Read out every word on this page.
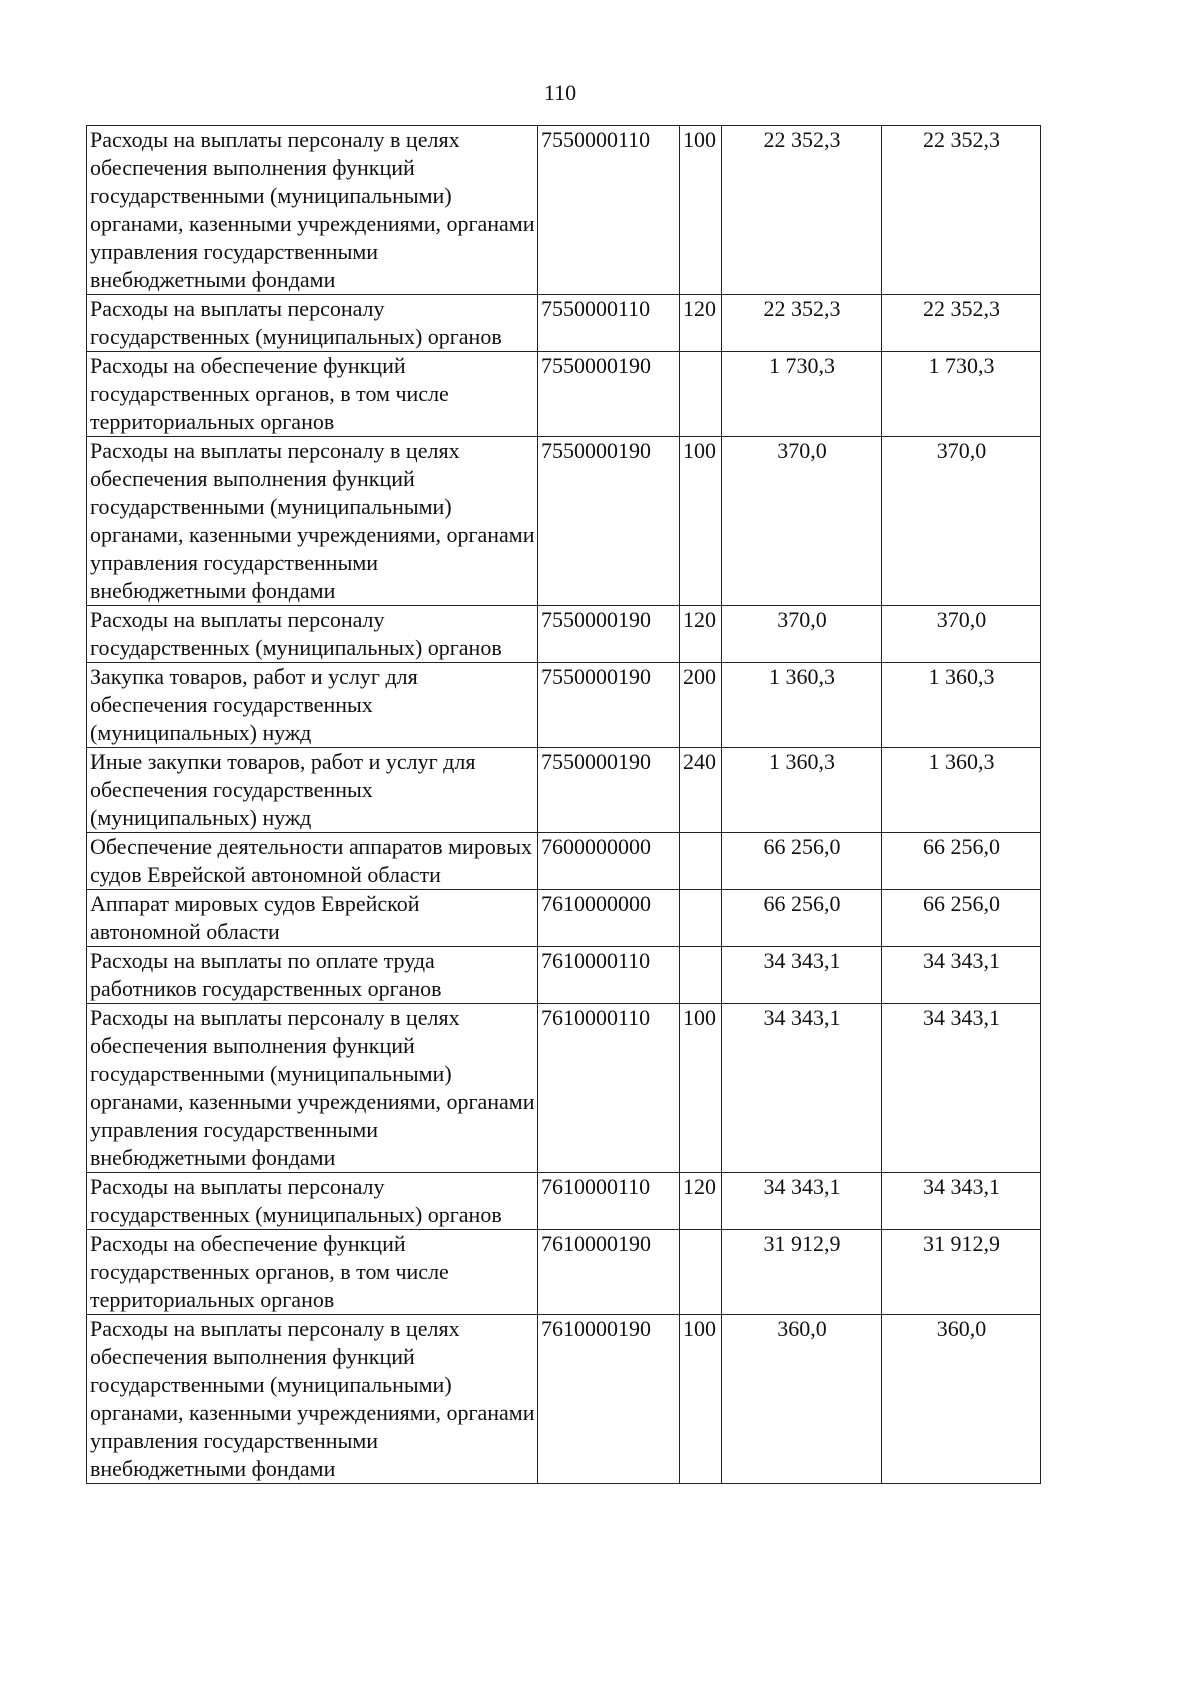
110
Расходы на выплаты персоналу в целях обеспечения выполнения функций государственными (муниципальными) органами, казенными учреждениями, органами управления государственными внебюджетными фондами	7550000110	100	22 352,3	22 352,3
Расходы на выплаты персоналу государственных (муниципальных) органов	7550000110	120	22 352,3	22 352,3
Расходы на обеспечение функций государственных органов, в том числе территориальных органов	7550000190		1 730,3	1 730,3
Расходы на выплаты персоналу в целях обеспечения выполнения функций государственными (муниципальными) органами, казенными учреждениями, органами управления государственными внебюджетными фондами	7550000190	100	370,0	370,0
Расходы на выплаты персоналу государственных (муниципальных) органов	7550000190	120	370,0	370,0
Закупка товаров, работ и услуг для обеспечения государственных (муниципальных) нужд	7550000190	200	1 360,3	1 360,3
Иные закупки товаров, работ и услуг для обеспечения государственных (муниципальных) нужд	7550000190	240	1 360,3	1 360,3
Обеспечение деятельности аппаратов мировых судов Еврейской автономной области	7600000000		66 256,0	66 256,0
Аппарат мировых судов Еврейской автономной области	7610000000		66 256,0	66 256,0
Расходы на выплаты по оплате труда работников государственных органов	7610000110		34 343,1	34 343,1
Расходы на выплаты персоналу в целях обеспечения выполнения функций государственными (муниципальными) органами, казенными учреждениями, органами управления государственными внебюджетными фондами	7610000110	100	34 343,1	34 343,1
Расходы на выплаты персоналу государственных (муниципальных) органов	7610000110	120	34 343,1	34 343,1
Расходы на обеспечение функций государственных органов, в том числе территориальных органов	7610000190		31 912,9	31 912,9
Расходы на выплаты персоналу в целях обеспечения выполнения функций государственными (муниципальными) органами, казенными учреждениями, органами управления государственными внебюджетными фондами	7610000190	100	360,0	360,0
